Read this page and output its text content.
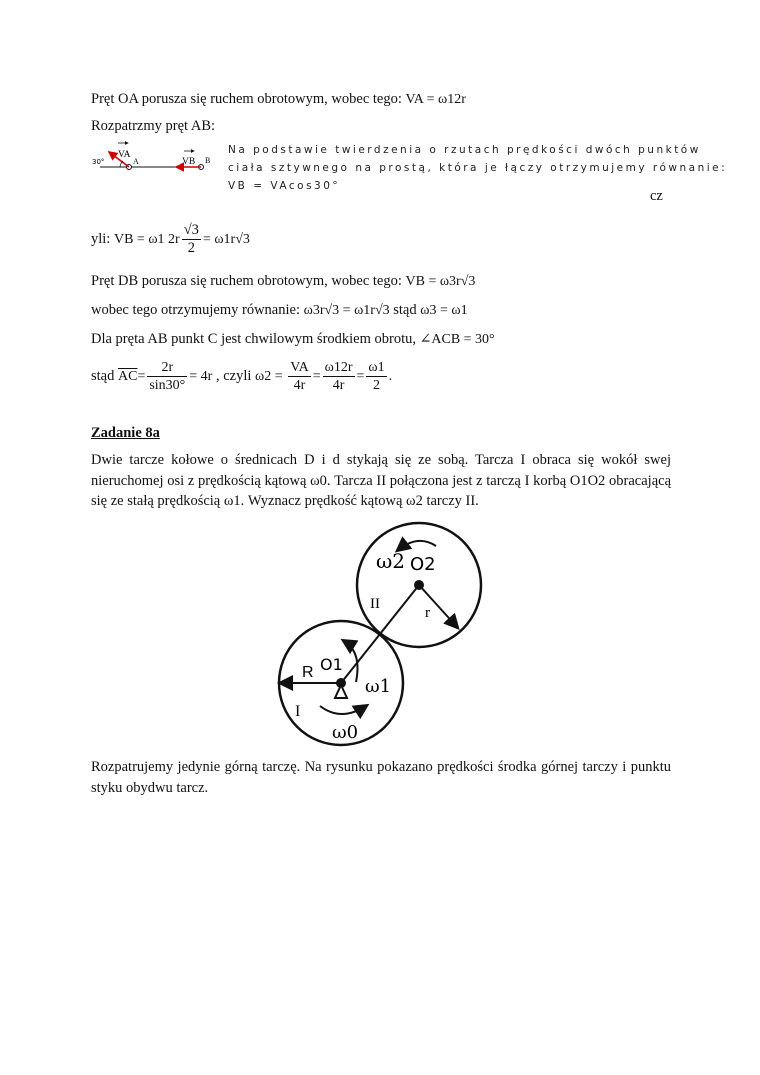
Pręt OA porusza się ruchem obrotowym, wobec tego: VA = ω12r
Rozpatrzmy pręt AB:
30°
VA
A	VB B
Na podstawie twierdzenia o rzutach prędkości dwóch punktów
ciała sztywnego na prostą, która je łączy otrzymujemy równanie:
VB = VAcos30°
cz
yli: VB = ω1 $2r \frac{√3}{2} = \omega 1r√3$
Pręt DB porusza się ruchem obrotowym, wobec tego: VB = ω3r√3
wobec tego otrzymujemy równanie: ω3r√3 = ω1r√3 stąd ω3 = ω1
Dla pręta AB punkt C jest chwilowym środkiem obrotu, ∠ACB = 30°
stąd $\overline{AC}= \frac{2r}{\sin 30^\circ} = 4r$ , czyli $\omega 2 = \frac{VA}{4r} = \frac{\omega 12r}{4r} = \frac{\omega 1}{2}$ .
Zadanie 8a
Dwie tarcze kołowe o średnicach D i d stykają się ze sobą. Tarcza I obraca się wokół swej nieruchomej osi z prędkością kątową ω0. Tarcza II połączona jest z tarczą I korbą O1O2 obracającą się ze stałą prędkością ω1. Wyznacz prędkość kątową ω2 tarczy II.
ω2 O2
II
r
R O1
ω1
I
ω0
Rozpatrujemy jedynie górną tarczę. Na rysunku pokazano prędkości środka górnej tarczy i punktu styku obydwu tarcz.
